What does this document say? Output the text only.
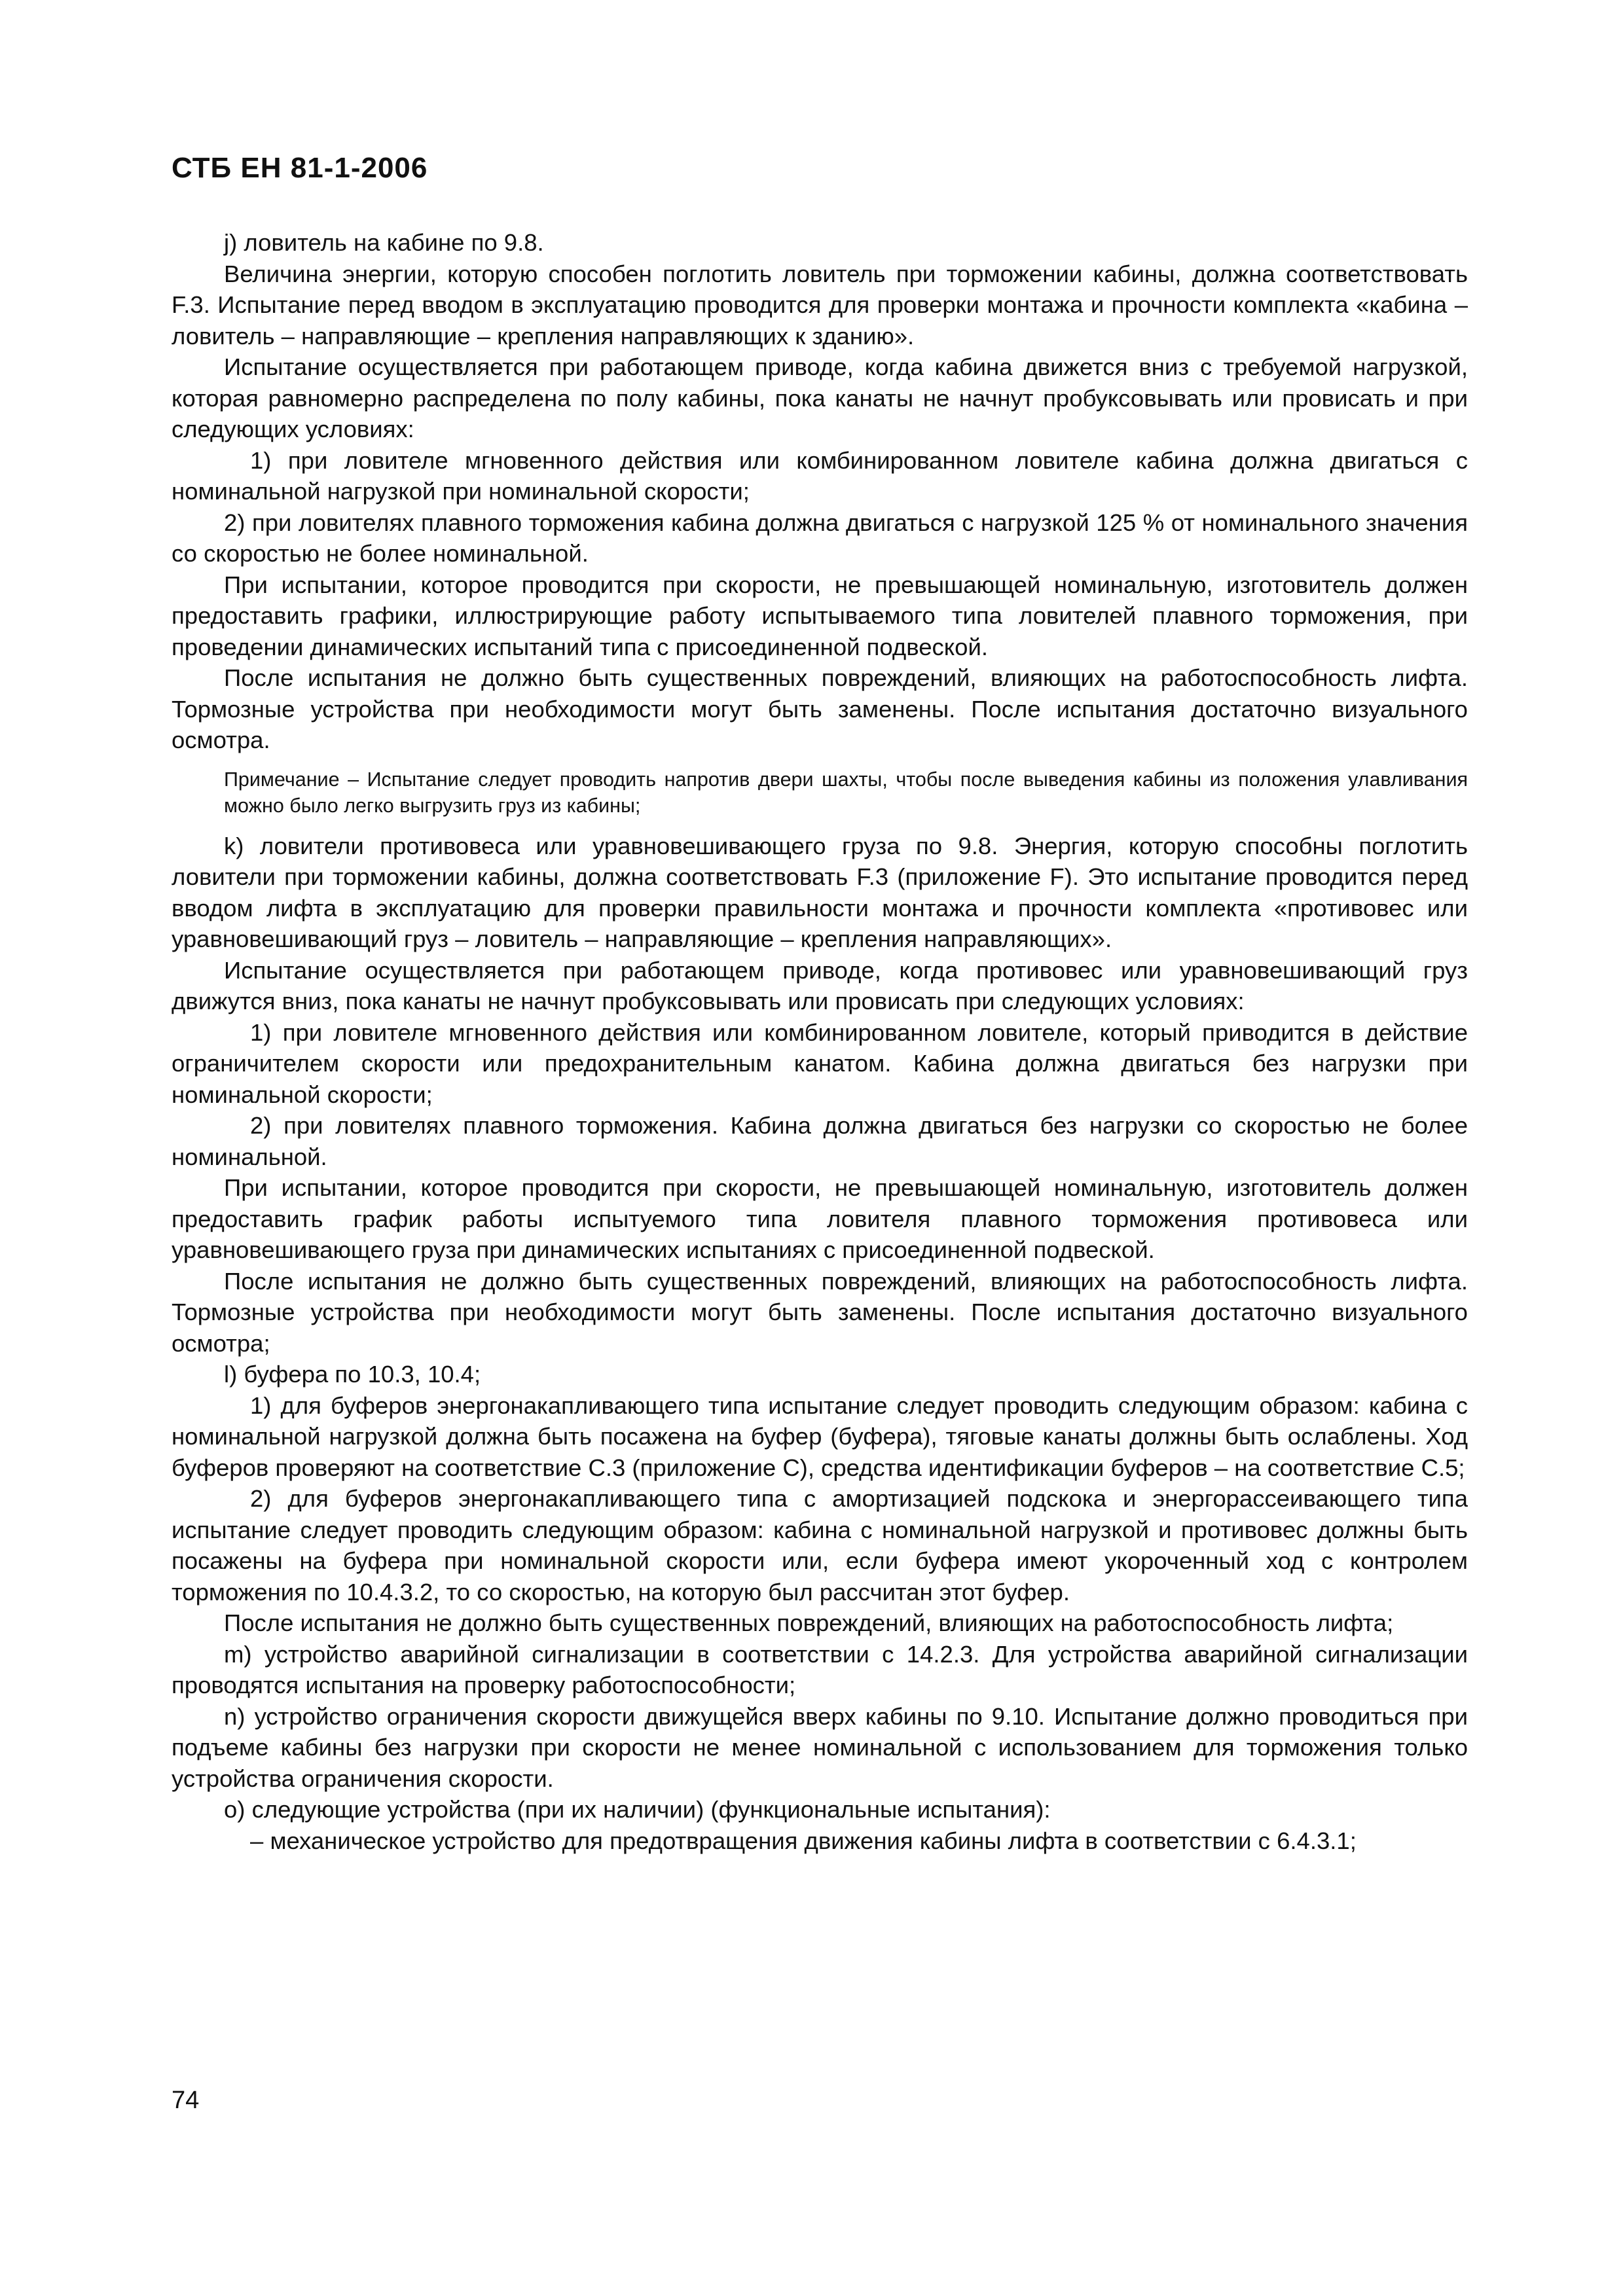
СТБ ЕН 81-1-2006

j) ловитель на кабине по 9.8.

Величина энергии, которую способен поглотить ловитель при торможении кабины, должна соответствовать F.3. Испытание перед вводом в эксплуатацию проводится для проверки монтажа и прочности комплекта «кабина – ловитель – направляющие – крепления направляющих к зданию».

Испытание осуществляется при работающем приводе, когда кабина движется вниз с требуемой нагрузкой, которая равномерно распределена по полу кабины, пока канаты не начнут пробуксовывать или провисать и при следующих условиях:

1) при ловителе мгновенного действия или комбинированном ловителе кабина должна двигаться с номинальной нагрузкой при номинальной скорости;

2) при ловителях плавного торможения кабина должна двигаться с нагрузкой 125 % от номинального значения со скоростью не более номинальной.

При испытании, которое проводится при скорости, не превышающей номинальную, изготовитель должен предоставить графики, иллюстрирующие работу испытываемого типа ловителей плавного торможения, при проведении динамических испытаний типа с присоединенной подвеской.

После испытания не должно быть существенных повреждений, влияющих на работоспособность лифта. Тормозные устройства при необходимости могут быть заменены. После испытания достаточно визуального осмотра.

Примечание – Испытание следует проводить напротив двери шахты, чтобы после выведения кабины из положения улавливания можно было легко выгрузить груз из кабины;

k) ловители противовеса или уравновешивающего груза по 9.8. Энергия, которую способны поглотить ловители при торможении кабины, должна соответствовать F.3 (приложение F). Это испытание проводится перед вводом лифта в эксплуатацию для проверки правильности монтажа и прочности комплекта «противовес или уравновешивающий груз – ловитель – направляющие – крепления направляющих».

Испытание осуществляется при работающем приводе, когда противовес или уравновешивающий груз движутся вниз, пока канаты не начнут пробуксовывать или провисать при следующих условиях:

1) при ловителе мгновенного действия или комбинированном ловителе, который приводится в действие ограничителем скорости или предохранительным канатом. Кабина должна двигаться без нагрузки при номинальной скорости;

2) при ловителях плавного торможения. Кабина должна двигаться без нагрузки со скоростью не более номинальной.

При испытании, которое проводится при скорости, не превышающей номинальную, изготовитель должен предоставить график работы испытуемого типа ловителя плавного торможения противовеса или уравновешивающего груза при динамических испытаниях с присоединенной подвеской.

После испытания не должно быть существенных повреждений, влияющих на работоспособность лифта. Тормозные устройства при необходимости могут быть заменены. После испытания достаточно визуального осмотра;

l) буфера по 10.3, 10.4;

1) для буферов энергонакапливающего типа испытание следует проводить следующим образом: кабина с номинальной нагрузкой должна быть посажена на буфер (буфера), тяговые канаты должны быть ослаблены. Ход буферов проверяют на соответствие С.3 (приложение С), средства идентификации буферов – на соответствие С.5;

2) для буферов энергонакапливающего типа с амортизацией подскока и энергорассеивающего типа испытание следует проводить следующим образом: кабина с номинальной нагрузкой и противовес должны быть посажены на буфера при номинальной скорости или, если буфера имеют укороченный ход с контролем торможения по 10.4.3.2, то со скоростью, на которую был рассчитан этот буфер.

После испытания не должно быть существенных повреждений, влияющих на работоспособность лифта;

m) устройство аварийной сигнализации в соответствии с 14.2.3. Для устройства аварийной сигнализации проводятся испытания на проверку работоспособности;

n) устройство ограничения скорости движущейся вверх кабины по 9.10. Испытание должно проводиться при подъеме кабины без нагрузки при скорости не менее номинальной с использованием для торможения только устройства ограничения скорости.

о) следующие устройства (при их наличии) (функциональные испытания):

– механическое устройство для предотвращения движения кабины лифта в соответствии с 6.4.3.1;

74
